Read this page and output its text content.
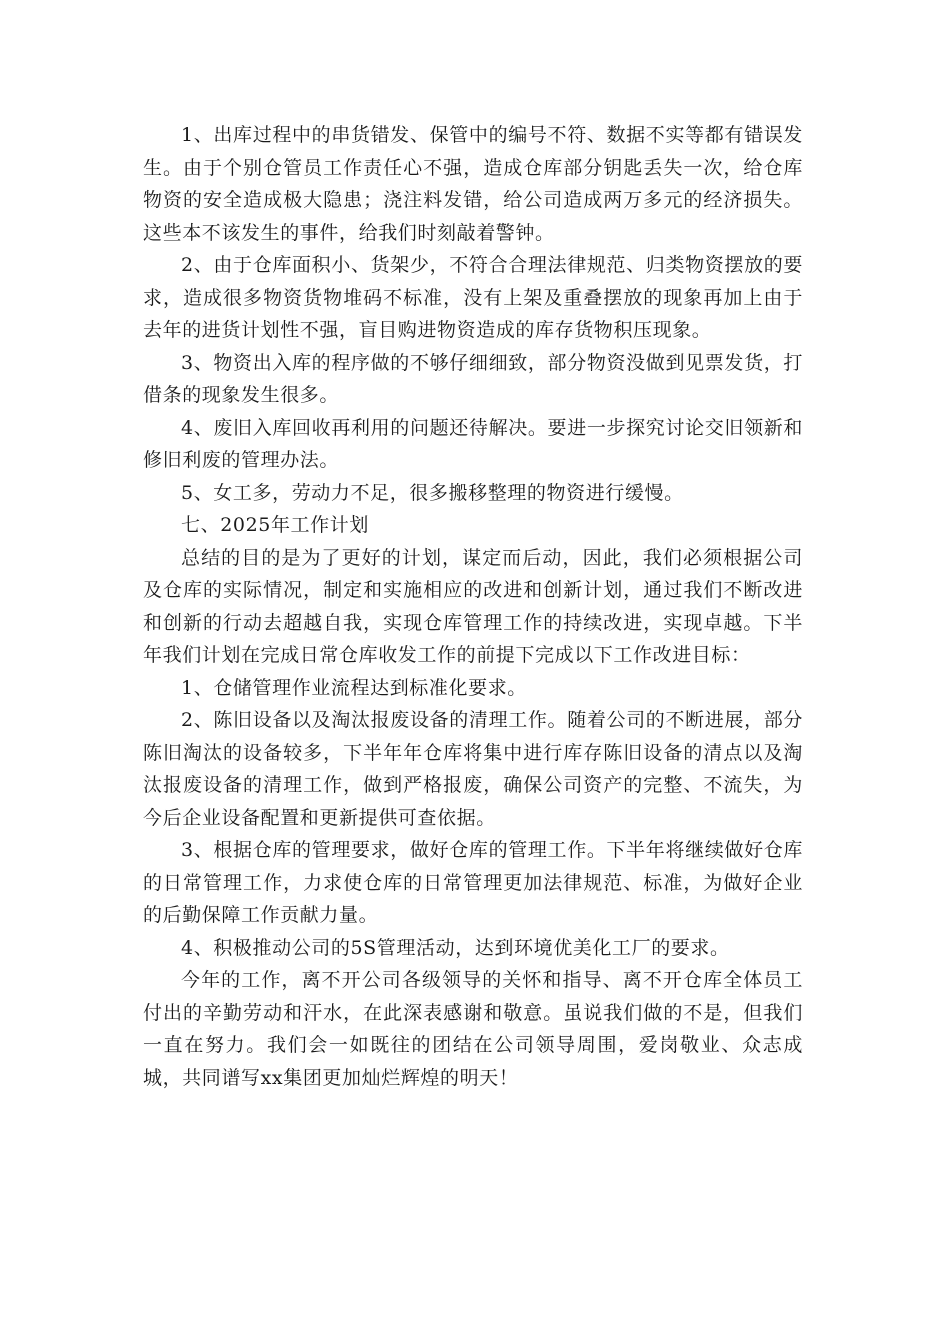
1、出库过程中的串货错发、保管中的编号不符、数据不实等都有错误发生。由于个别仓管员工作责任心不强，造成仓库部分钥匙丢失一次，给仓库物资的安全造成极大隐患；浇注料发错，给公司造成两万多元的经济损失。这些本不该发生的事件，给我们时刻敲着警钟。

2、由于仓库面积小、货架少，不符合合理法律规范、归类物资摆放的要求，造成很多物资货物堆码不标准，没有上架及重叠摆放的现象再加上由于去年的进货计划性不强，盲目购进物资造成的库存货物积压现象。

3、物资出入库的程序做的不够仔细细致，部分物资没做到见票发货，打借条的现象发生很多。

4、废旧入库回收再利用的问题还待解决。要进一步探究讨论交旧领新和修旧利废的管理办法。

5、女工多，劳动力不足，很多搬移整理的物资进行缓慢。

七、2025年工作计划

总结的目的是为了更好的计划，谋定而后动，因此，我们必须根据公司及仓库的实际情况，制定和实施相应的改进和创新计划，通过我们不断改进和创新的行动去超越自我，实现仓库管理工作的持续改进，实现卓越。下半年我们计划在完成日常仓库收发工作的前提下完成以下工作改进目标：

1、仓储管理作业流程达到标准化要求。

2、陈旧设备以及淘汰报废设备的清理工作。随着公司的不断进展，部分陈旧淘汰的设备较多，下半年年仓库将集中进行库存陈旧设备的清点以及淘汰报废设备的清理工作，做到严格报废，确保公司资产的完整、不流失，为今后企业设备配置和更新提供可查依据。

3、根据仓库的管理要求，做好仓库的管理工作。下半年将继续做好仓库的日常管理工作，力求使仓库的日常管理更加法律规范、标准，为做好企业的后勤保障工作贡献力量。

4、积极推动公司的5S管理活动，达到环境优美化工厂的要求。

今年的工作，离不开公司各级领导的关怀和指导、离不开仓库全体员工付出的辛勤劳动和汗水，在此深表感谢和敬意。虽说我们做的不是，但我们一直在努力。我们会一如既往的团结在公司领导周围，爱岗敬业、众志成城，共同谱写xx集团更加灿烂辉煌的明天！
